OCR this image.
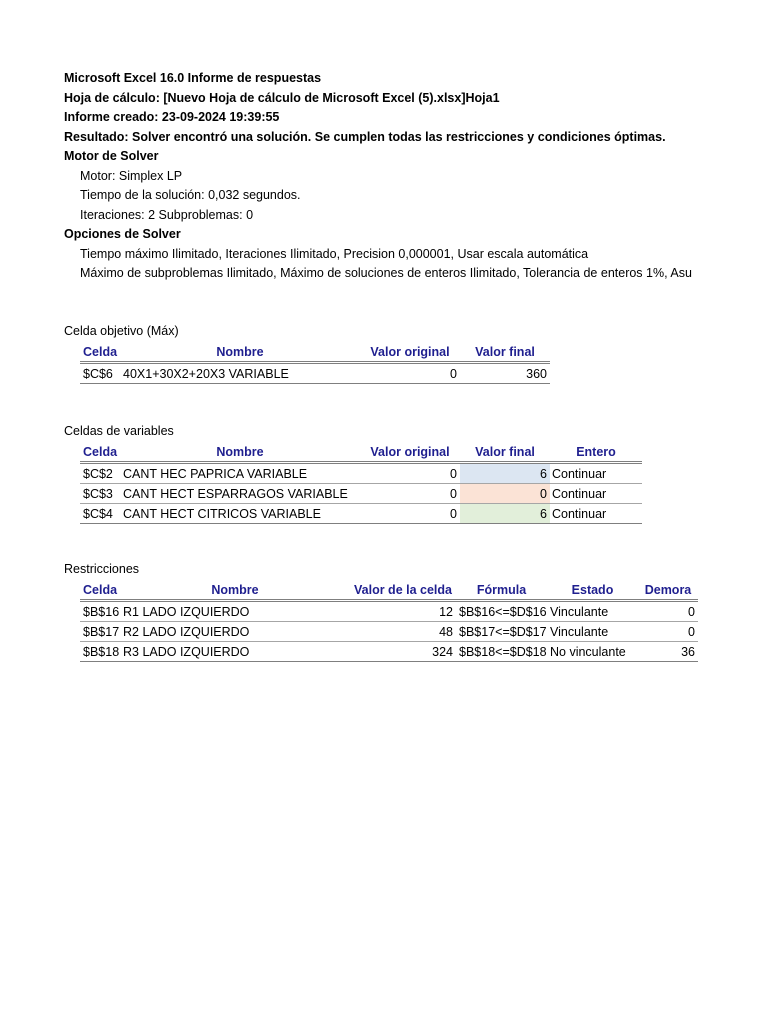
Microsoft Excel 16.0 Informe de respuestas
Hoja de cálculo: [Nuevo Hoja de cálculo de Microsoft Excel (5).xlsx]Hoja1
Informe creado: 23-09-2024 19:39:55
Resultado: Solver encontró una solución. Se cumplen todas las restricciones y condiciones óptimas.
Motor de Solver
Motor: Simplex LP
Tiempo de la solución: 0,032 segundos.
Iteraciones: 2 Subproblemas: 0
Opciones de Solver
Tiempo máximo Ilimitado, Iteraciones Ilimitado, Precision 0,000001, Usar escala automática
Máximo de subproblemas Ilimitado, Máximo de soluciones de enteros Ilimitado, Tolerancia de enteros 1%, Asu
Celda objetivo (Máx)
Celda	Nombre	Valor original	Valor final
$C$6	40X1+30X2+20X3 VARIABLE	0	360
Celdas de variables
Celda	Nombre	Valor original	Valor final	Entero
$C$2	CANT HEC PAPRICA VARIABLE	0	6	Continuar
$C$3	CANT HECT ESPARRAGOS VARIABLE	0	0	Continuar
$C$4	CANT HECT CITRICOS VARIABLE	0	6	Continuar
Restricciones
Celda	Nombre	Valor de la celda	Fórmula	Estado	Demora
$B$16	R1 LADO IZQUIERDO	12	$B$16<=$D$16	Vinculante	0
$B$17	R2 LADO IZQUIERDO	48	$B$17<=$D$17	Vinculante	0
$B$18	R3 LADO IZQUIERDO	324	$B$18<=$D$18	No vinculante	36
